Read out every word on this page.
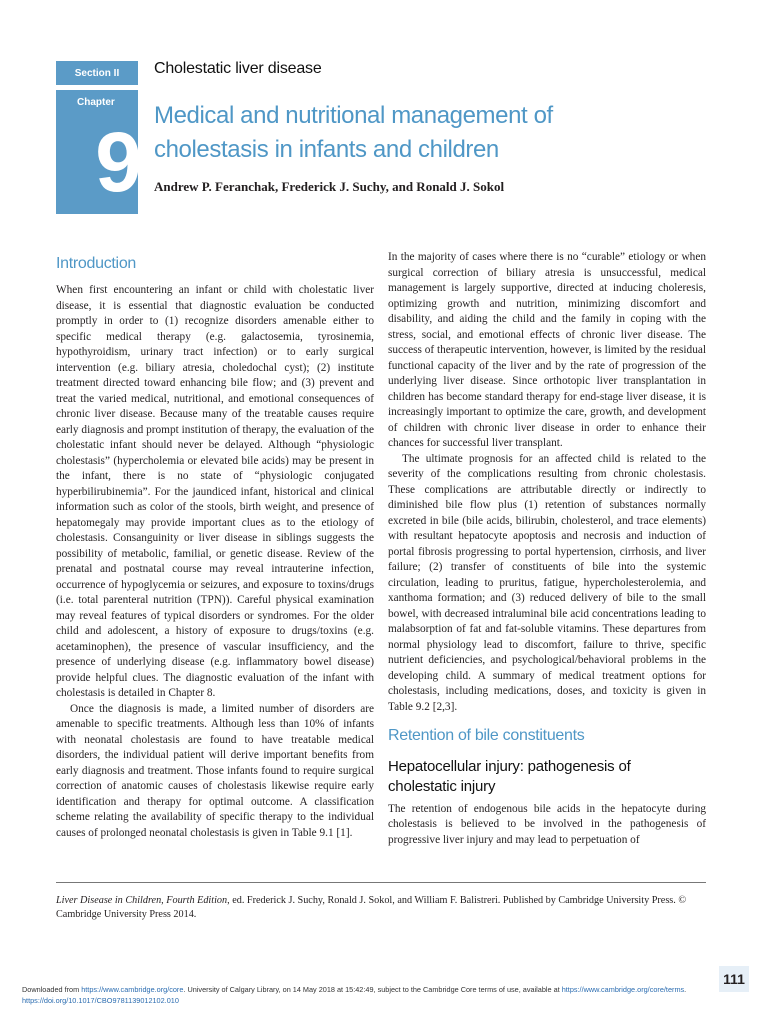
Section II Cholestatic liver disease
Chapter
9 Medical and nutritional management of
cholestasis in infants and children
Andrew P. Feranchak, Frederick J. Suchy, and Ronald J. Sokol
Introduction

When first encountering an infant or child with cholestatic liver disease, it is essential that diagnostic evaluation be conducted promptly in order to (1) recognize disorders amenable either to specific medical therapy (e.g. galactosemia, tyrosinemia, hypothyroidism, urinary tract infection) or to early surgical intervention (e.g. biliary atresia, choledochal cyst); (2) institute treatment directed toward enhancing bile flow; and (3) prevent and treat the varied medical, nutritional, and emotional consequences of chronic liver disease. Because many of the treatable causes require early diagnosis and prompt institution of therapy, the evaluation of the cholestatic infant should never be delayed. Although “physiologic cholestasis” (hypercholemia or elevated bile acids) may be present in the infant, there is no state of “physiologic conjugated hyperbilirubinemia”. For the jaundiced infant, historical and clinical information such as color of the stools, birth weight, and presence of hepatomegaly may provide important clues as to the etiology of cholestasis. Consanguinity or liver disease in siblings suggests the possibility of metabolic, familial, or genetic disease. Review of the prenatal and postnatal course may reveal intrauterine infection, occurrence of hypoglycemia or seizures, and exposure to toxins/drugs (i.e. total parenteral nutrition (TPN)). Careful physical examination may reveal features of typical disorders or syndromes. For the older child and adolescent, a history of exposure to drugs/toxins (e.g. acetaminophen), the presence of vascular insufficiency, and the presence of underlying disease (e.g. inflammatory bowel disease) provide helpful clues. The diagnostic evaluation of the infant with cholestasis is detailed in Chapter 8.

Once the diagnosis is made, a limited number of disorders are amenable to specific treatments. Although less than 10% of infants with neonatal cholestasis are found to have treatable medical disorders, the individual patient will derive important benefits from early diagnosis and treatment. Those infants found to require surgical correction of anatomic causes of cholestasis likewise require early identification and therapy for optimal outcome. A classification scheme relating the availability of specific therapy to the individual causes of prolonged neonatal cholestasis is given in Table 9.1 [1].

In the majority of cases where there is no “curable” etiology or when surgical correction of biliary atresia is unsuccessful, medical management is largely supportive, directed at inducing choleresis, optimizing growth and nutrition, minimizing discomfort and disability, and aiding the child and the family in coping with the stress, social, and emotional effects of chronic liver disease. The success of therapeutic intervention, however, is limited by the residual functional capacity of the liver and by the rate of progression of the underlying liver disease. Since orthotopic liver transplantation in children has become standard therapy for end-stage liver disease, it is increasingly important to optimize the care, growth, and development of children with chronic liver disease in order to enhance their chances for successful liver transplant.

The ultimate prognosis for an affected child is related to the severity of the complications resulting from chronic cholestasis. These complications are attributable directly or indirectly to diminished bile flow plus (1) retention of substances normally excreted in bile (bile acids, bilirubin, cholesterol, and trace elements) with resultant hepatocyte apoptosis and necrosis and induction of portal fibrosis progressing to portal hypertension, cirrhosis, and liver failure; (2) transfer of constituents of bile into the systemic circulation, leading to pruritus, fatigue, hypercholesterolemia, and xanthoma formation; and (3) reduced delivery of bile to the small bowel, with decreased intraluminal bile acid concentrations leading to malabsorption of fat and fat-soluble vitamins. These departures from normal physiology lead to discomfort, failure to thrive, specific nutrient deficiencies, and psychological/behavioral problems in the developing child. A summary of medical treatment options for cholestasis, including medications, doses, and toxicity is given in Table 9.2 [2,3].

Retention of bile constituents
Hepatocellular injury: pathogenesis of
cholestatic injury

The retention of endogenous bile acids in the hepatocyte during cholestasis is believed to be involved in the pathogenesis of progressive liver injury and may lead to perpetuation of

Liver Disease in Children, Fourth Edition, ed. Frederick J. Suchy, Ronald J. Sokol, and William F. Balistreri. Published by Cambridge University Press. © Cambridge University Press 2014.
111
Downloaded from https://www.cambridge.org/core. University of Calgary Library, on 14 May 2018 at 15:42:49, subject to the Cambridge Core terms of use, available at https://www.cambridge.org/core/terms. https://doi.org/10.1017/CBO9781139012102.010
